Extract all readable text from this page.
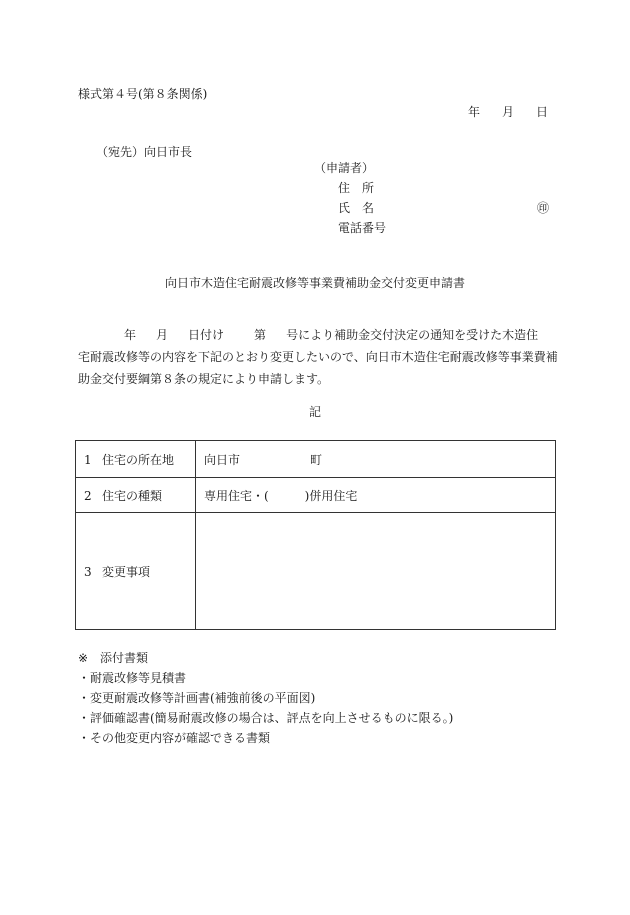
様式第４号(第８条関係)
年 月 日
（宛先）向日市長
（申請者）
住　所
氏　名	㊞
電話番号
向日市木造住宅耐震改修等事業費補助金交付変更申請書
年 月 日付け	第 号により補助金交付決定の通知を受けた木造住
宅耐震改修等の内容を下記のとおり変更したいので、向日市木造住宅耐震改修等事業費補
助金交付要綱第８条の規定により申請します。
記
1 住宅の所在地	向日市 町
2 住宅の種類	専用住宅・(　　　)併用住宅
3 変更事項	
※ 添付書類
・耐震改修等見積書
・変更耐震改修等計画書(補強前後の平面図)
・評価確認書(簡易耐震改修の場合は、評点を向上させるものに限る。)
・その他変更内容が確認できる書類
